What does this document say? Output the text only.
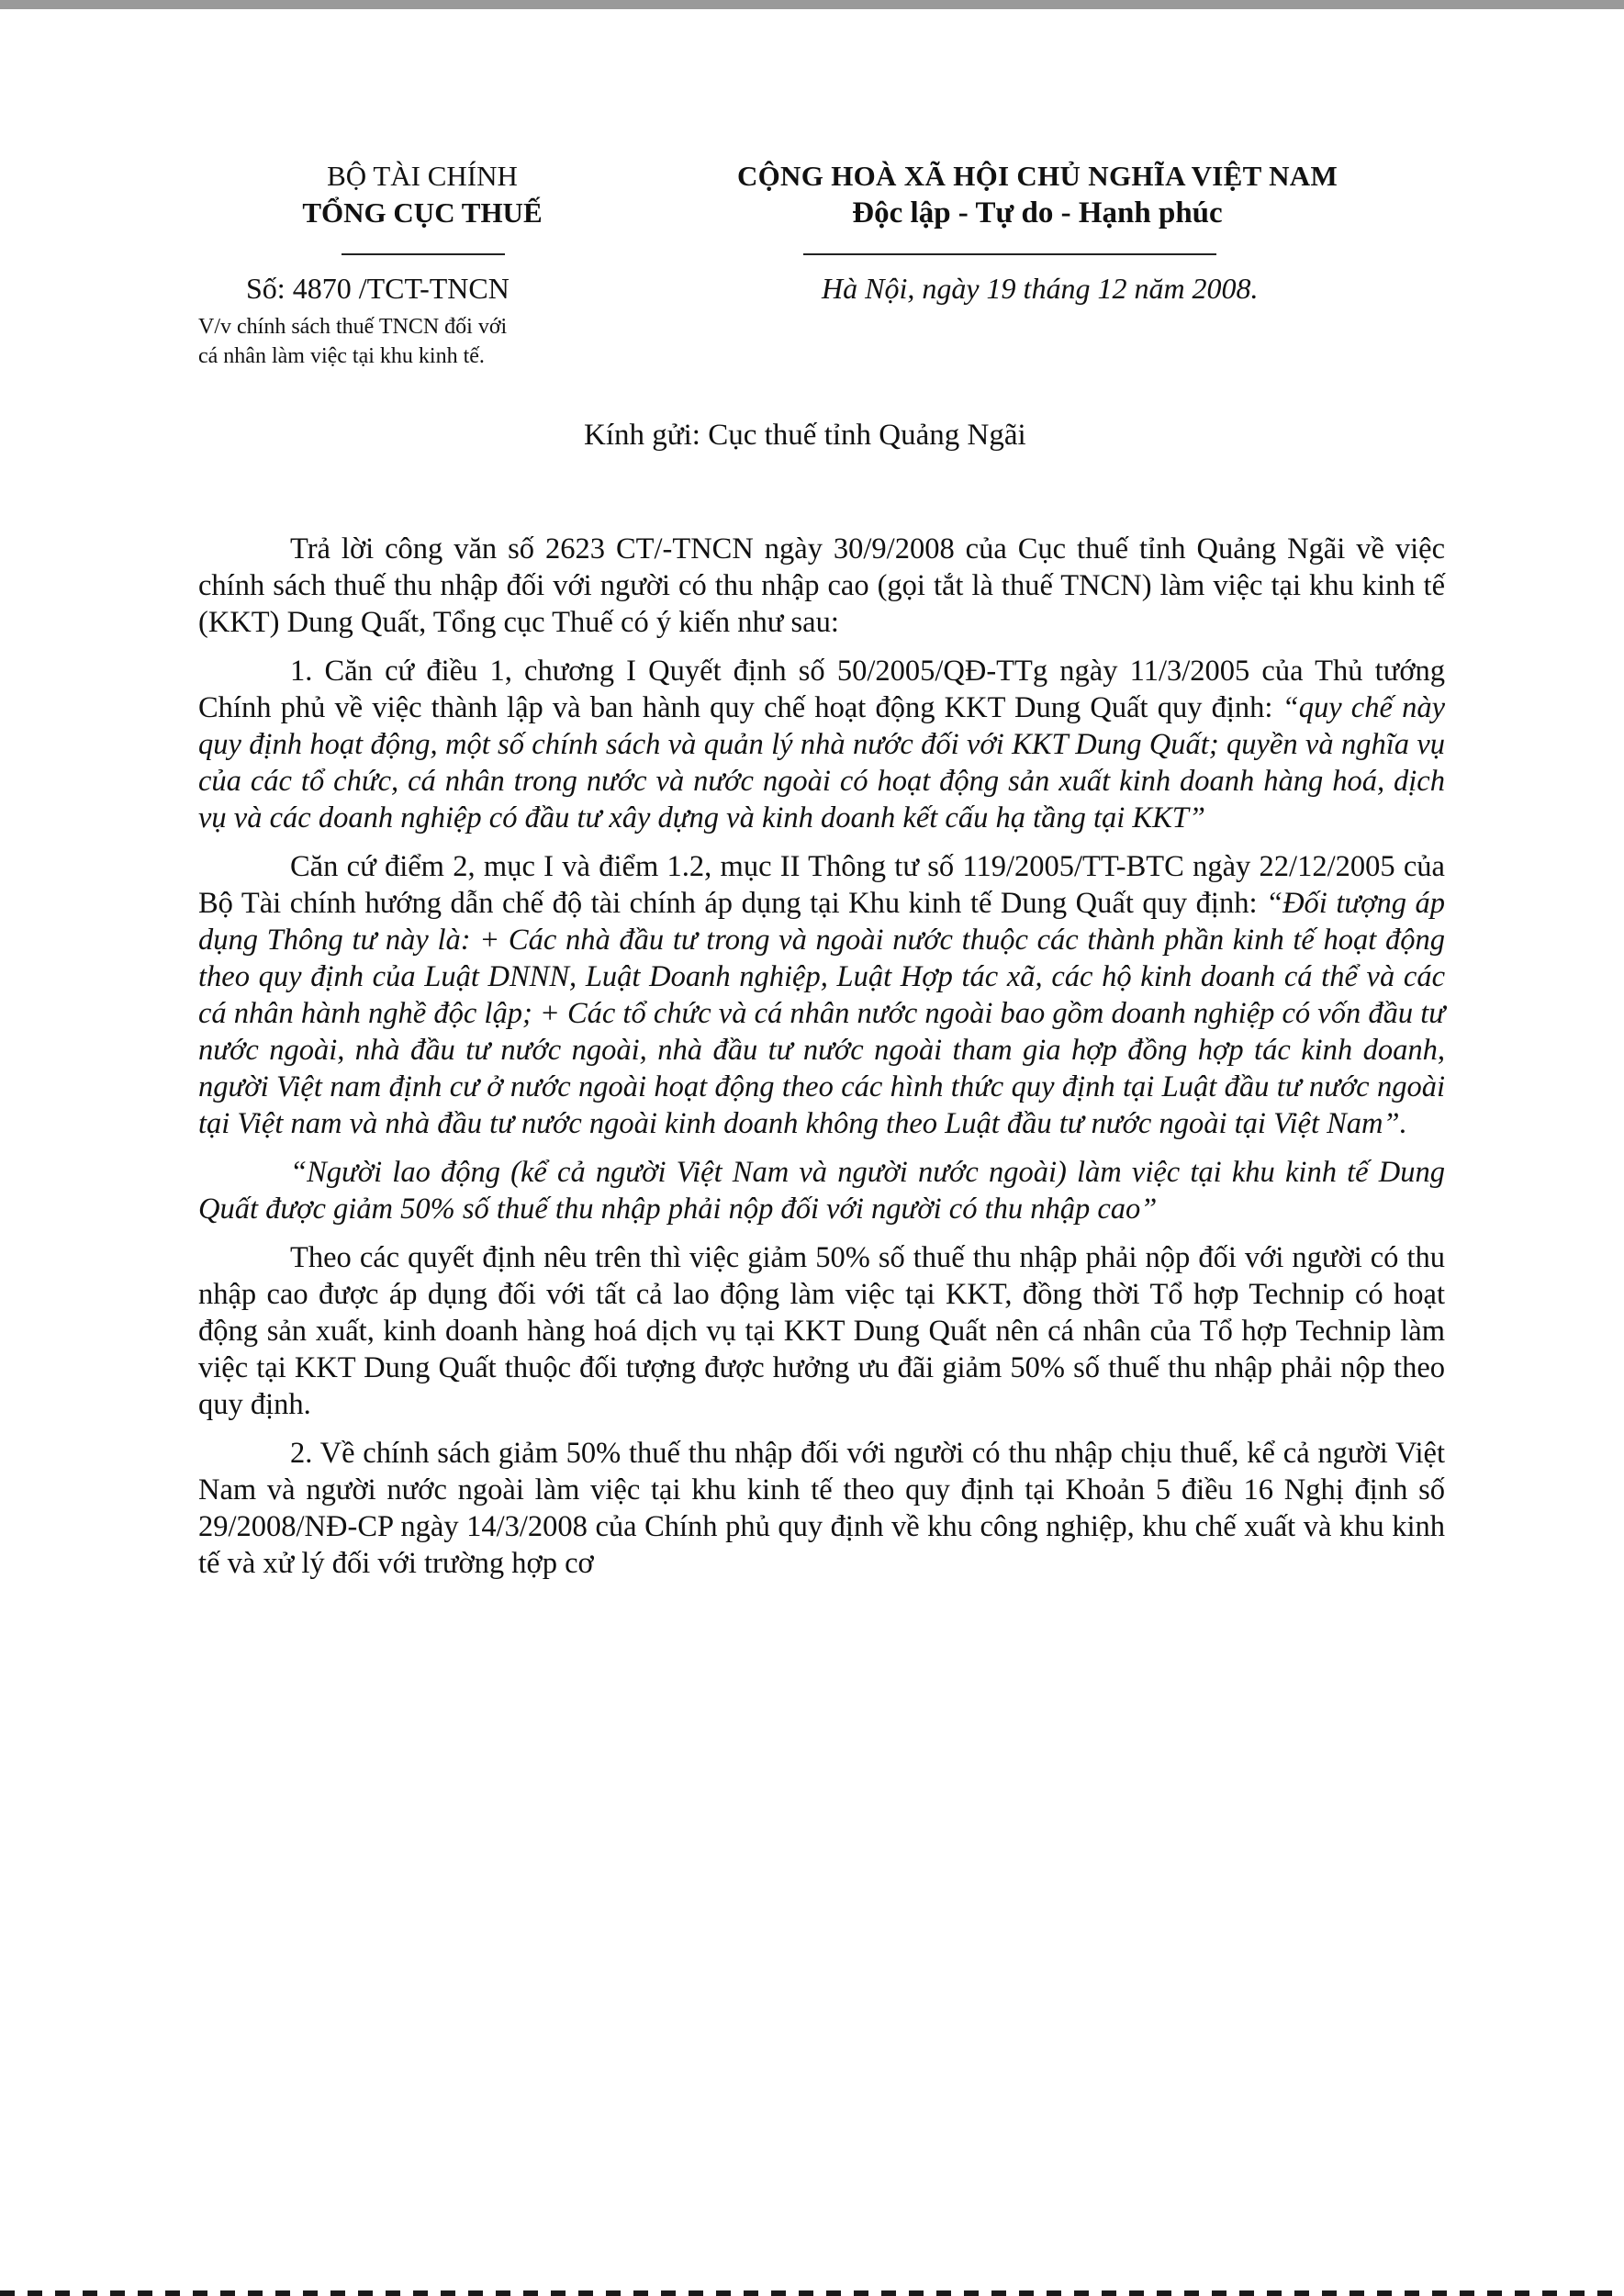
BỘ TÀI CHÍNH
TỔNG CỤC THUẾ
CỘNG HOÀ XÃ HỘI CHỦ NGHĨA VIỆT NAM
Độc lập - Tự do - Hạnh phúc
Số: 4870 /TCT-TNCN
V/v chính sách thuế TNCN đối với
cá nhân làm việc tại khu kinh tế.
Hà Nội, ngày 19 tháng 12 năm 2008.
Kính gửi: Cục thuế tỉnh Quảng Ngãi

Trả lời công văn số 2623 CT/-TNCN ngày 30/9/2008 của Cục thuế tỉnh Quảng Ngãi về việc chính sách thuế thu nhập đối với người có thu nhập cao (gọi tắt là thuế TNCN) làm việc tại khu kinh tế (KKT) Dung Quất, Tổng cục Thuế có ý kiến như sau:

1. Căn cứ điều 1, chương I Quyết định số 50/2005/QĐ-TTg ngày 11/3/2005 của Thủ tướng Chính phủ về việc thành lập và ban hành quy chế hoạt động KKT Dung Quất quy định: “quy chế này quy định hoạt động, một số chính sách và quản lý nhà nước đối với KKT Dung Quất; quyền và nghĩa vụ của các tổ chức, cá nhân trong nước và nước ngoài có hoạt động sản xuất kinh doanh hàng hoá, dịch vụ và các doanh nghiệp có đầu tư xây dựng và kinh doanh kết cấu hạ tầng tại KKT”

Căn cứ điểm 2, mục I và điểm 1.2, mục II Thông tư số 119/2005/TT-BTC ngày 22/12/2005 của Bộ Tài chính hướng dẫn chế độ tài chính áp dụng tại Khu kinh tế Dung Quất quy định: “Đối tượng áp dụng Thông tư này là: + Các nhà đầu tư trong và ngoài nước thuộc các thành phần kinh tế hoạt động theo quy định của Luật DNNN, Luật Doanh nghiệp, Luật Hợp tác xã, các hộ kinh doanh cá thể và các cá nhân hành nghề độc lập; + Các tổ chức và cá nhân nước ngoài bao gồm doanh nghiệp có vốn đầu tư nước ngoài, nhà đầu tư nước ngoài, nhà đầu tư nước ngoài tham gia hợp đồng hợp tác kinh doanh, người Việt nam định cư ở nước ngoài hoạt động theo các hình thức quy định tại Luật đầu tư nước ngoài tại Việt nam và nhà đầu tư nước ngoài kinh doanh không theo Luật đầu tư nước ngoài tại Việt Nam”.

“Người lao động (kể cả người Việt Nam và người nước ngoài) làm việc tại khu kinh tế Dung Quất được giảm 50% số thuế thu nhập phải nộp đối với người có thu nhập cao”

Theo các quyết định nêu trên thì việc giảm 50% số thuế thu nhập phải nộp đối với người có thu nhập cao được áp dụng đối với tất cả lao động làm việc tại KKT, đồng thời Tổ hợp Technip có hoạt động sản xuất, kinh doanh hàng hoá dịch vụ tại KKT Dung Quất nên cá nhân của Tổ hợp Technip làm việc tại KKT Dung Quất thuộc đối tượng được hưởng ưu đãi giảm 50% số thuế thu nhập phải nộp theo quy định.

2. Về chính sách giảm 50% thuế thu nhập đối với người có thu nhập chịu thuế, kể cả người Việt Nam và người nước ngoài làm việc tại khu kinh tế theo quy định tại Khoản 5 điều 16 Nghị định số 29/2008/NĐ-CP ngày 14/3/2008 của Chính phủ quy định về khu công nghiệp, khu chế xuất và khu kinh tế và xử lý đối với trường hợp cơ
